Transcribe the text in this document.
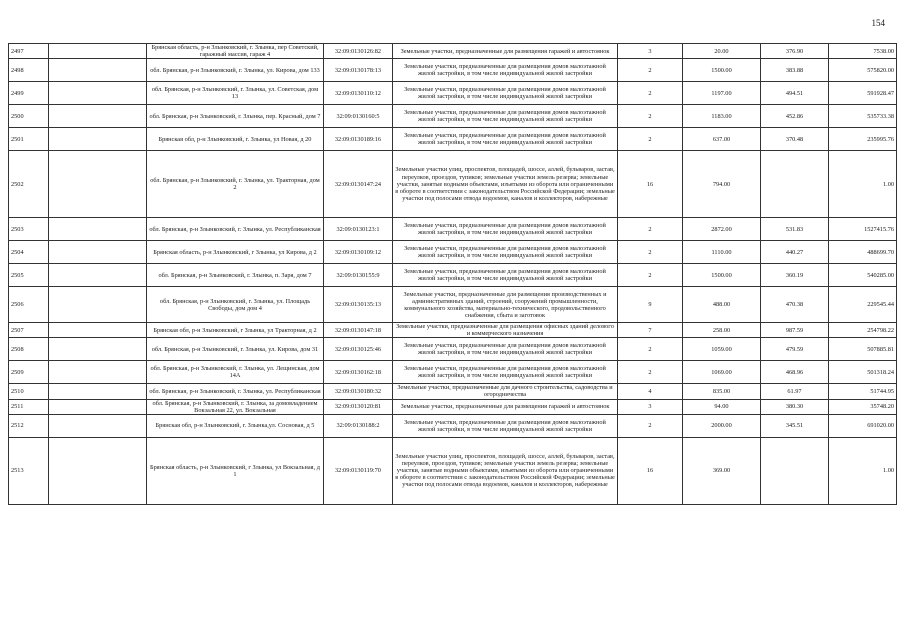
154
2497		Брянская область, р-н Злынковский, г. Злынка, пер Советский, гаражный массив, гараж 4	32:09:0130126:82	Земельные участки, предназначенные для размещения гаражей и автостоянок	3	20.00	376.90	7538.00
2498		обл. Брянская, р-н Злынковский, г. Злынка, ул. Кирова, дом 133	32:09:0130178:13	Земельные участки, предназначенные для размещения домов малоэтажной жилой застройки, в том числе индивидуальной жилой застройки	2	1500.00	383.88	575820.00
2499		обл. Брянская, р-н Злынковский, г. Злынка, ул. Советская, дом 13	32:09:0130110:12	Земельные участки, предназначенные для размещения домов малоэтажной жилой застройки, в том числе индивидуальной жилой застройки	2	1197.00	494.51	591928.47
2500		обл. Брянская, р-н Злынковский, г. Злынка, пер. Красный, дом 7	32:09:0130160:5	Земельные участки, предназначенные для размещения домов малоэтажной жилой застройки, в том числе индивидуальной жилой застройки	2	1183.00	452.86	535733.38
2501		Брянская обл, р-н Злынковский, г. Злынка, ул Новая, д 20	32:09:0130189:16	Земельные участки, предназначенные для размещения домов малоэтажной жилой застройки, в том числе индивидуальной жилой застройки	2	637.00	370.48	235995.76
2502		обл. Брянская, р-н Злынковский, г. Злынка, ул. Тракторная, дом 2	32:09:0130147:24	Земельные участки улиц, проспектов, площадей, шоссе, аллей, бульваров, застав, переулков, проездов, тупиков; земельные участки земель резерва; земельные участки, занятые водными объектами, изъятыми из оборота или ограниченными в обороте в соответствии с законодательством Российской Федерации; земельные участки под полосами отвода водоемов, каналов и коллекторов, набережные	16	794.00		1.00
2503		обл. Брянская, р-н Злынковский, г. Злынка, ул. Республиканская	32:09:0130123:1	Земельные участки, предназначенные для размещения домов малоэтажной жилой застройки, в том числе индивидуальной жилой застройки	2	2872.00	531.83	1527415.76
2504		Брянская область, р-н Злынковский, г Злынка, ул Кирова, д 2	32:09:0130109:12	Земельные участки, предназначенные для размещения домов малоэтажной жилой застройки, в том числе индивидуальной жилой застройки	2	1110.00	440.27	488699.70
2505		обл. Брянская, р-н Злынковский, г. Злынка, п. Заря, дом 7	32:09:0130155:9	Земельные участки, предназначенные для размещения домов малоэтажной жилой застройки, в том числе индивидуальной жилой застройки	2	1500.00	360.19	540285.00
2506		обл. Брянская, р-н Злынковский, г. Злынка, ул. Площадь Свободы, дом дом 4	32:09:0130135:13	Земельные участки, предназначенные для размещения производственных и административных зданий, строений, сооружений промышленности, коммунального хозяйства, материально-технического, продовольственного снабжения, сбыта и заготовок	9	488.00	470.38	229545.44
2507		Брянская обл, р-н Злынковский, г Злынка, ул Тракторная, д 2	32:09:0130147:18	Земельные участки, предназначенные для размещения офисных зданий делового и коммерческого назначения	7	258.00	987.59	254798.22
2508		обл. Брянская, р-н Злынковский, г. Злынка, ул. Кирова, дом 31	32:09:0130125:46	Земельные участки, предназначенные для размещения домов малоэтажной жилой застройки, в том числе индивидуальной жилой застройки	2	1059.00	479.59	507885.81
2509		обл. Брянская, р-н Злынковский, г. Злынка, ул. Лещинская, дом 14А	32:09:0130162:18	Земельные участки, предназначенные для размещения домов малоэтажной жилой застройки, в том числе индивидуальной жилой застройки	2	1069.00	468.96	501318.24
2510		обл. Брянская, р-н Злынковский, г. Злынка, ул. Республиканская	32:09:0130180:32	Земельные участки, предназначенные для дачного строительства, садоводства и огородничества	4	835.00	61.97	51744.95
2511		обл. Брянская, р-н Злынковский, г. Злынка, за домовладением Вокзальная 22, ул. Вокзальная	32:09:0130120:81	Земельные участки, предназначенные для размещения гаражей и автостоянок	3	94.00	380.30	35748.20
2512		Брянская обл, р-н Злынковский, г. Злынка,ул. Сосновая, д 5	32:09:0130188:2	Земельные участки, предназначенные для размещения домов малоэтажной жилой застройки, в том числе индивидуальной жилой застройки	2	2000.00	345.51	691020.00
2513		Брянская область, р-н Злынковский, г Злынка, ул Вокзальная, д 1	32:09:0130119:70	Земельные участки улиц, проспектов, площадей, шоссе, аллей, бульваров, застав, переулков, проездов, тупиков; земельные участки земель резерва; земельные участки, занятые водными объектами, изъятыми из оборота или ограниченными в обороте в соответствии с законодательством Российской Федерации; земельные участки под полосами отвода водоемов, каналов и коллекторов, набережные	16	369.00		1.00
